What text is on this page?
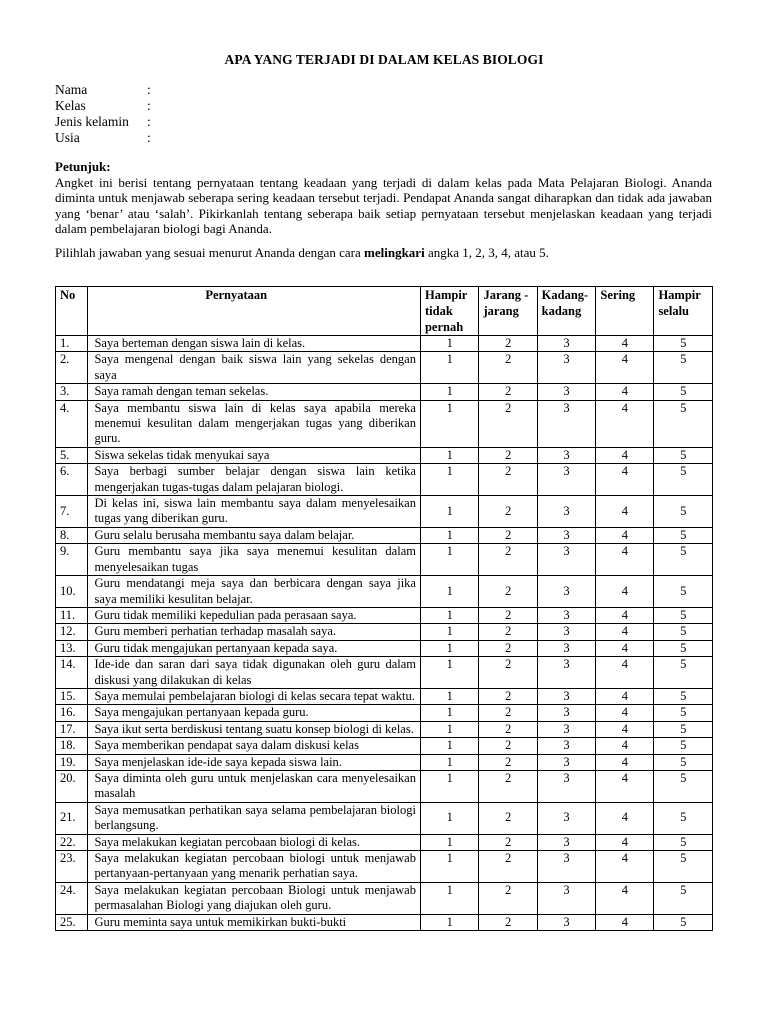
APA YANG TERJADI DI DALAM KELAS BIOLOGI
Nama	:
Kelas	:
Jenis kelamin	:
Usia	:
Petunjuk:
Angket ini berisi tentang pernyataan tentang keadaan yang terjadi di dalam kelas pada Mata Pelajaran Biologi. Ananda diminta untuk menjawab seberapa sering keadaan tersebut terjadi. Pendapat Ananda sangat diharapkan dan tidak ada jawaban yang ‘benar’ atau ‘salah’. Pikirkanlah tentang seberapa baik setiap pernyataan tersebut menjelaskan keadaan yang terjadi dalam pembelajaran biologi bagi Ananda.
Pilihlah jawaban yang sesuai menurut Ananda dengan cara melingkari angka 1, 2, 3, 4, atau 5.
No	Pernyataan	Hampir tidak pernah	Jarang -jarang	Kadang-kadang	Sering	Hampir selalu
1.	Saya berteman dengan siswa lain di kelas.	1	2	3	4	5
2.	Saya mengenal dengan baik siswa lain yang sekelas dengan saya	1	2	3	4	5
3.	Saya ramah dengan teman sekelas.	1	2	3	4	5
4.	Saya membantu siswa lain di kelas saya apabila mereka menemui kesulitan dalam mengerjakan tugas yang diberikan guru.	1	2	3	4	5
5.	Siswa sekelas tidak menyukai saya	1	2	3	4	5
6.	Saya berbagi sumber belajar dengan siswa lain ketika mengerjakan tugas-tugas dalam pelajaran biologi.	1	2	3	4	5
7.	Di kelas ini, siswa lain membantu saya dalam menyelesaikan tugas yang diberikan guru.	1	2	3	4	5
8.	Guru selalu berusaha membantu saya dalam belajar.	1	2	3	4	5
9.	Guru membantu saya jika saya menemui kesulitan dalam menyelesaikan tugas	1	2	3	4	5
10.	Guru mendatangi meja saya dan berbicara dengan saya jika saya memiliki kesulitan belajar.	1	2	3	4	5
11.	Guru tidak memiliki kepedulian pada perasaan saya.	1	2	3	4	5
12.	Guru memberi perhatian terhadap masalah saya.	1	2	3	4	5
13.	Guru tidak mengajukan pertanyaan kepada saya.	1	2	3	4	5
14.	Ide-ide dan saran dari saya tidak digunakan oleh guru dalam diskusi yang dilakukan di kelas	1	2	3	4	5
15.	Saya memulai pembelajaran biologi di kelas secara tepat waktu.	1	2	3	4	5
16.	Saya mengajukan pertanyaan kepada guru.	1	2	3	4	5
17.	Saya ikut serta berdiskusi tentang suatu konsep biologi di kelas.	1	2	3	4	5
18.	Saya memberikan pendapat saya dalam diskusi kelas	1	2	3	4	5
19.	Saya menjelaskan ide-ide saya kepada siswa lain.	1	2	3	4	5
20.	Saya diminta oleh guru untuk menjelaskan cara menyelesaikan masalah	1	2	3	4	5
21.	Saya memusatkan perhatikan saya selama pembelajaran biologi berlangsung.	1	2	3	4	5
22.	Saya melakukan kegiatan percobaan biologi di kelas.	1	2	3	4	5
23.	Saya melakukan kegiatan percobaan biologi untuk menjawab pertanyaan-pertanyaan yang menarik perhatian saya.	1	2	3	4	5
24.	Saya melakukan kegiatan percobaan Biologi untuk menjawab permasalahan Biologi yang diajukan oleh guru.	1	2	3	4	5
25.	Guru meminta saya untuk memikirkan bukti-bukti	1	2	3	4	5
